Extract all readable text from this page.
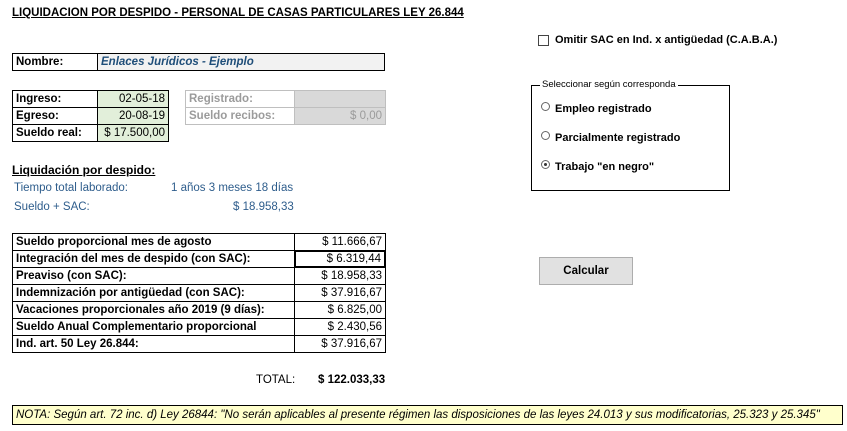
LIQUIDACION POR DESPIDO - PERSONAL DE CASAS PARTICULARES LEY 26.844
Nombre:	Enlaces Jurídicos - Ejemplo
Ingreso:	02-05-18
Egreso:	20-08-19
Sueldo real:	$ 17.500,00
Registrado:
Sueldo recibos:	$ 0,00
Omitir SAC en Ind. x antigüedad (C.A.B.A.)
Seleccionar según corresponda
Empleo registrado
Parcialmente registrado
Trabajo "en negro"
Liquidación por despido:
Tiempo total laborado:	1 años 3 meses 18 días
Sueldo + SAC:	$ 18.958,33
Sueldo proporcional mes de agosto	$ 11.666,67
Integración del mes de despido (con SAC):	$ 6.319,44
Preaviso (con SAC):	$ 18.958,33
Indemnización por antigüedad (con SAC):	$ 37.916,67
Vacaciones proporcionales año 2019 (9 días):	$ 6.825,00
Sueldo Anual Complementario proporcional	$ 2.430,56
Ind. art. 50 Ley 26.844:	$ 37.916,67
TOTAL: $ 122.033,33
Calcular
NOTA: Según art. 72 inc. d) Ley 26844: "No serán aplicables al presente régimen las disposiciones de las leyes 24.013 y sus modificatorias, 25.323 y 25.345"
